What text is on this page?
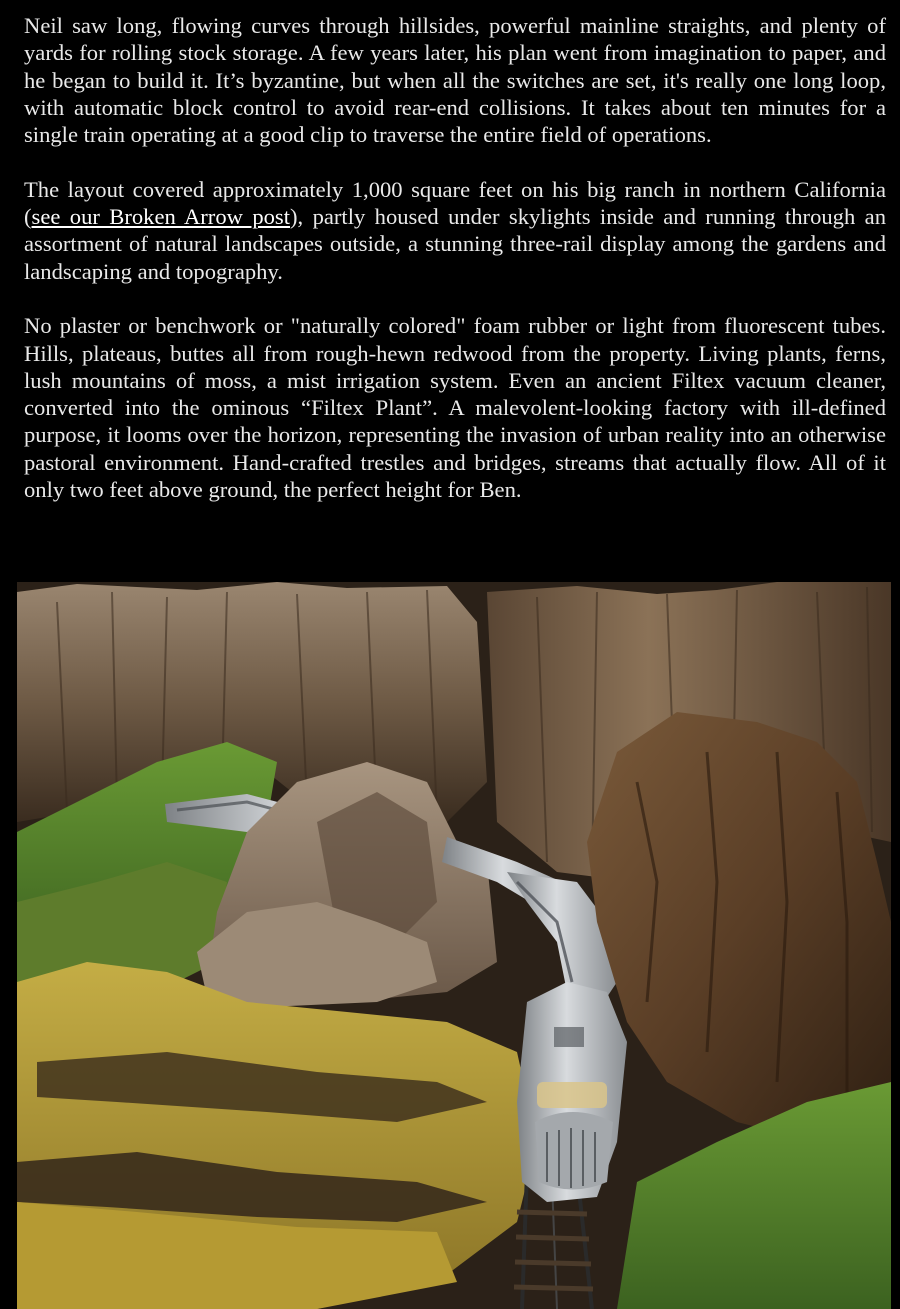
Neil saw long, flowing curves through hillsides, powerful mainline straights, and plenty of yards for rolling stock storage. A few years later, his plan went from imagination to paper, and he began to build it. It’s byzantine, but when all the switches are set, it's really one long loop, with automatic block control to avoid rear-end collisions. It takes about ten minutes for a single train operating at a good clip to traverse the entire field of operations.

The layout covered approximately 1,000 square feet on his big ranch in northern California (see our Broken Arrow post), partly housed under skylights inside and running through an assortment of natural landscapes outside, a stunning three-rail display among the gardens and landscaping and topography.

No plaster or benchwork or "naturally colored" foam rubber or light from fluorescent tubes. Hills, plateaus, buttes all from rough-hewn redwood from the property. Living plants, ferns, lush mountains of moss, a mist irrigation system. Even an ancient Filtex vacuum cleaner, converted into the ominous “Filtex Plant”. A malevolent-looking factory with ill-defined purpose, it looms over the horizon, representing the invasion of urban reality into an otherwise pastoral environment. Hand-crafted trestles and bridges, streams that actually flow. All of it only two feet above ground, the perfect height for Ben.
